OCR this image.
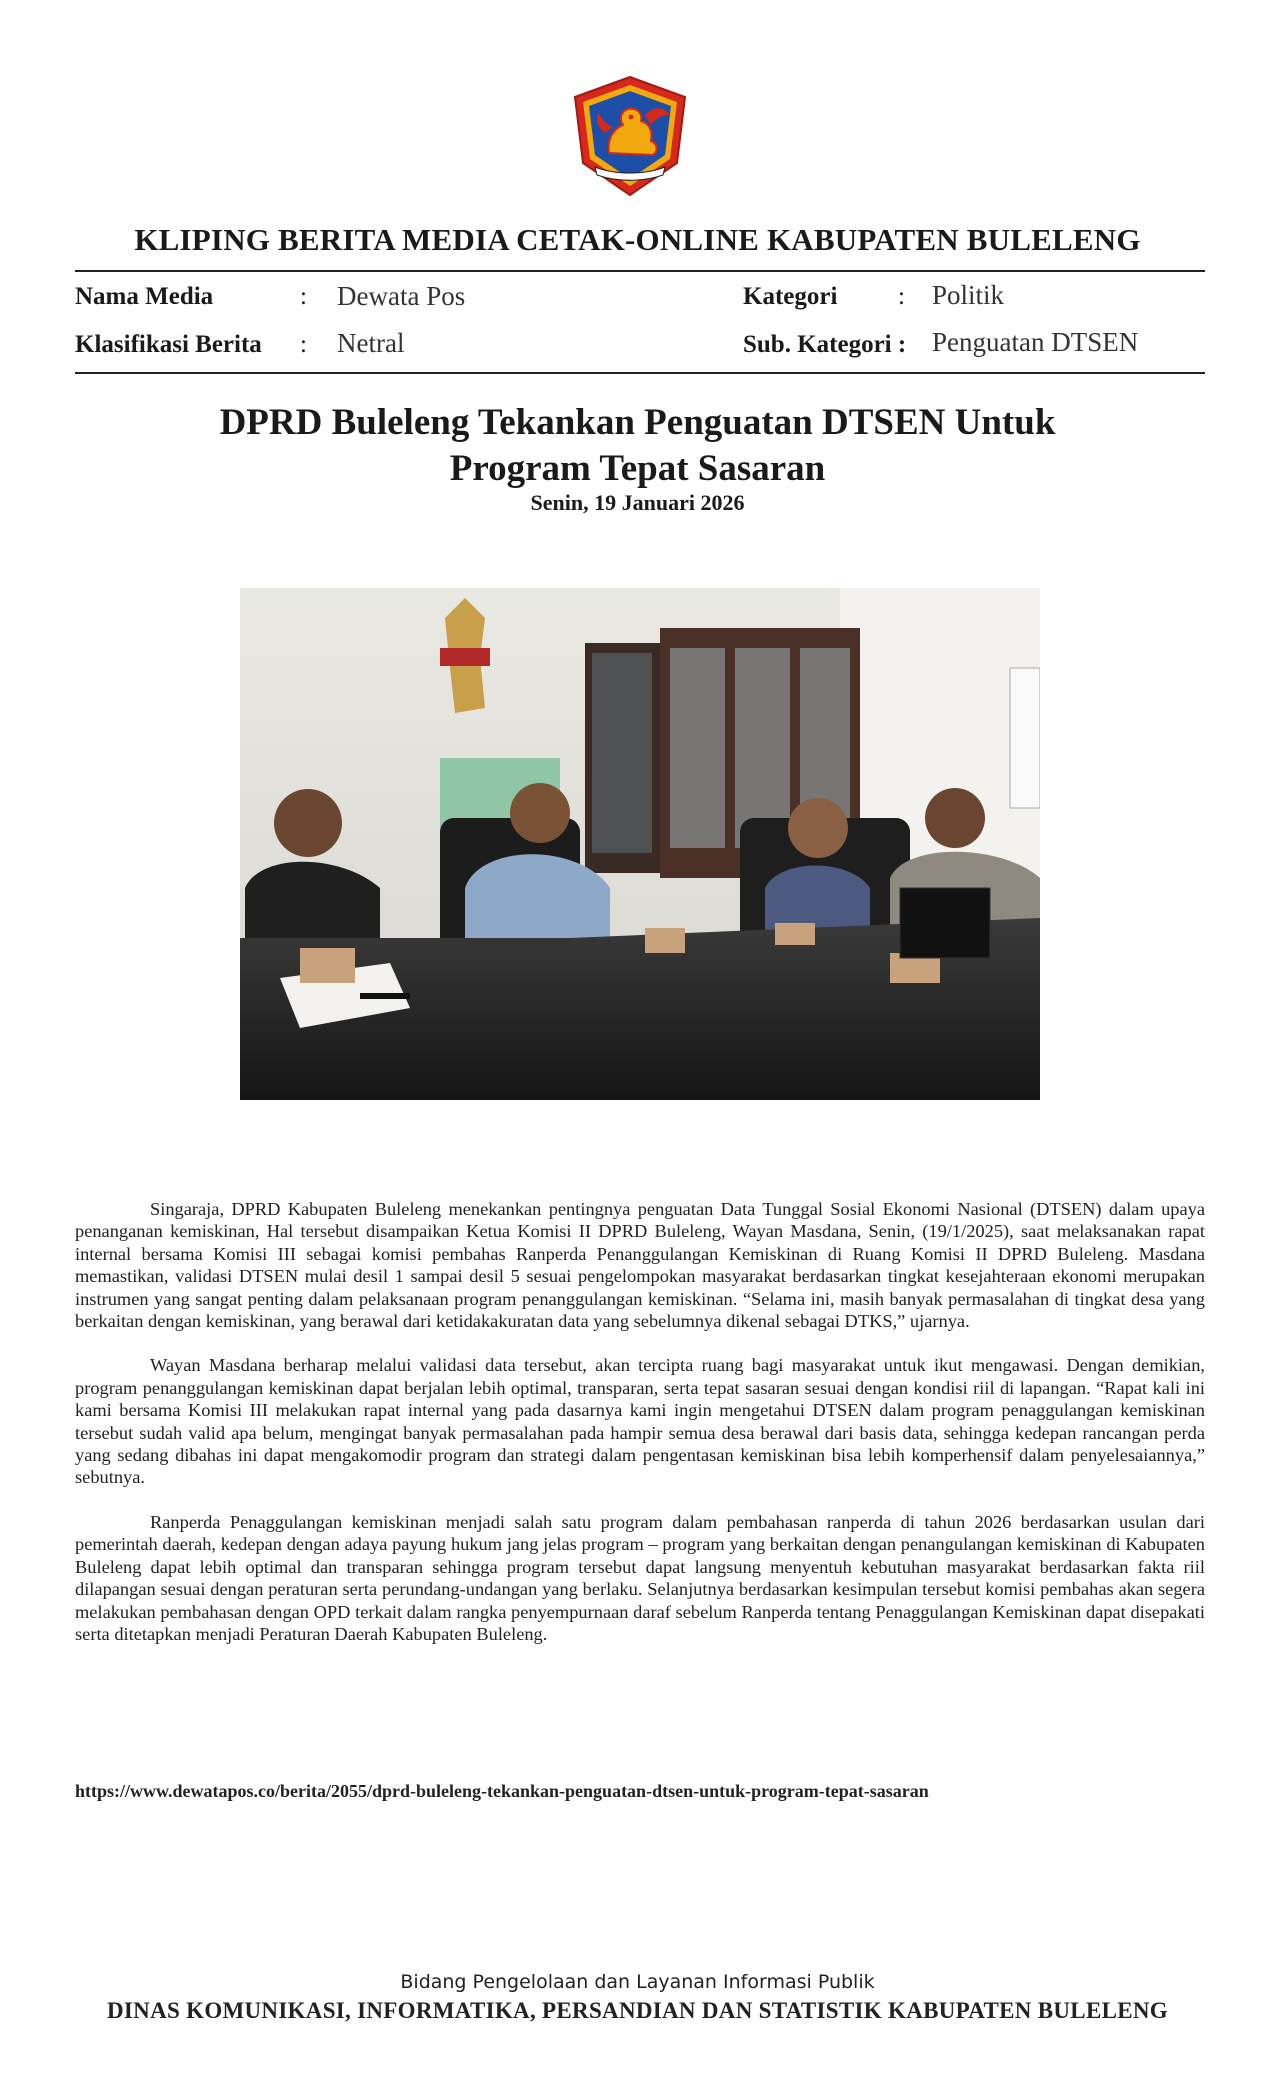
KLIPING BERITA MEDIA CETAK-ONLINE KABUPATEN BULELENG
Nama Media	: Dewata Pos	Kategori : Politik
Klasifikasi Berita : Netral	Sub. Kategori : Penguatan DTSEN
DPRD Buleleng Tekankan Penguatan DTSEN Untuk
Program Tepat Sasaran
Senin, 19 Januari 2026

Singaraja, DPRD Kabupaten Buleleng menekankan pentingnya penguatan Data Tunggal Sosial Ekonomi Nasional (DTSEN) dalam upaya penanganan kemiskinan, Hal tersebut disampaikan Ketua Komisi II DPRD Buleleng, Wayan Masdana, Senin, (19/1/2025), saat melaksanakan rapat internal bersama Komisi III sebagai komisi pembahas Ranperda Penanggulangan Kemiskinan di Ruang Komisi II DPRD Buleleng. Masdana memastikan, validasi DTSEN mulai desil 1 sampai desil 5 sesuai pengelompokan masyarakat berdasarkan tingkat kesejahteraan ekonomi merupakan instrumen yang sangat penting dalam pelaksanaan program penanggulangan kemiskinan. “Selama ini, masih banyak permasalahan di tingkat desa yang berkaitan dengan kemiskinan, yang berawal dari ketidakakuratan data yang sebelumnya dikenal sebagai DTKS,” ujarnya.

Wayan Masdana berharap melalui validasi data tersebut, akan tercipta ruang bagi masyarakat untuk ikut mengawasi. Dengan demikian, program penanggulangan kemiskinan dapat berjalan lebih optimal, transparan, serta tepat sasaran sesuai dengan kondisi riil di lapangan. “Rapat kali ini kami bersama Komisi III melakukan rapat internal yang pada dasarnya kami ingin mengetahui DTSEN dalam program penaggulangan kemiskinan tersebut sudah valid apa belum, mengingat banyak permasalahan pada hampir semua desa berawal dari basis data, sehingga kedepan rancangan perda yang sedang dibahas ini dapat mengakomodir program dan strategi dalam pengentasan kemiskinan bisa lebih komperhensif dalam penyelesaiannya,” sebutnya.

Ranperda Penaggulangan kemiskinan menjadi salah satu program dalam pembahasan ranperda di tahun 2026 berdasarkan usulan dari pemerintah daerah, kedepan dengan adaya payung hukum jang jelas program – program yang berkaitan dengan penangulangan kemiskinan di Kabupaten Buleleng dapat lebih optimal dan transparan sehingga program tersebut dapat langsung menyentuh kebutuhan masyarakat berdasarkan fakta riil dilapangan sesuai dengan peraturan serta perundang-undangan yang berlaku. Selanjutnya berdasarkan kesimpulan tersebut komisi pembahas akan segera melakukan pembahasan dengan OPD terkait dalam rangka penyempurnaan daraf sebelum Ranperda tentang Penaggulangan Kemiskinan dapat disepakati serta ditetapkan menjadi Peraturan Daerah Kabupaten Buleleng.

https://www.dewatapos.co/berita/2055/dprd-buleleng-tekankan-penguatan-dtsen-untuk-program-tepat-sasaran
Bidang Pengelolaan dan Layanan Informasi Publik
DINAS KOMUNIKASI, INFORMATIKA, PERSANDIAN DAN STATISTIK KABUPATEN BULELENG
